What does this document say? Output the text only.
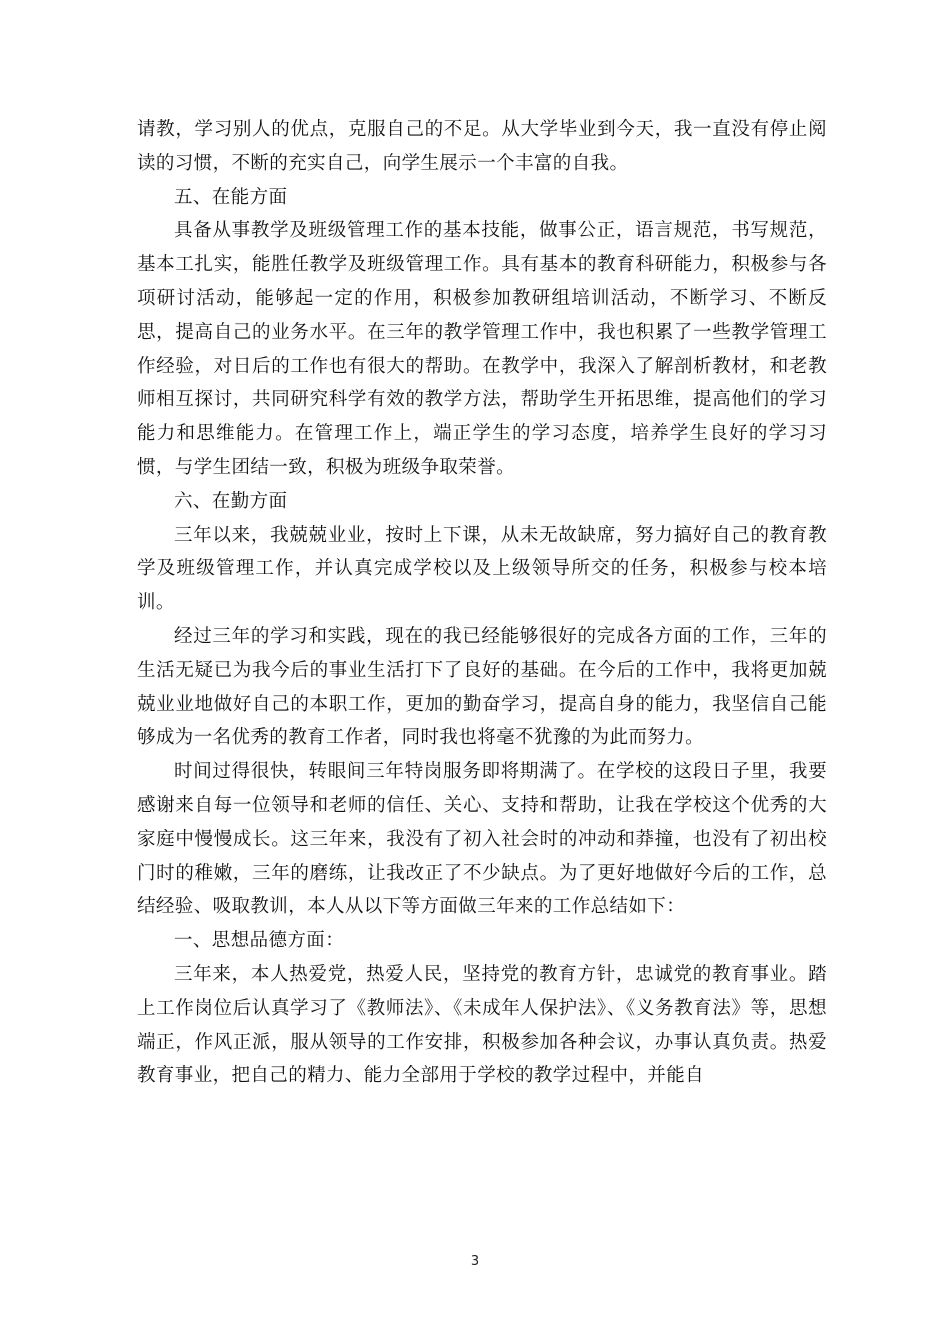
请教，学习别人的优点，克服自己的不足。从大学毕业到今天，我一直没有停止阅读的习惯，不断的充实自己，向学生展示一个丰富的自我。

五、在能方面

具备从事教学及班级管理工作的基本技能，做事公正，语言规范，书写规范，基本工扎实，能胜任教学及班级管理工作。具有基本的教育科研能力，积极参与各项研讨活动，能够起一定的作用，积极参加教研组培训活动，不断学习、不断反思，提高自己的业务水平。在三年的教学管理工作中，我也积累了一些教学管理工作经验，对日后的工作也有很大的帮助。在教学中，我深入了解剖析教材，和老教师相互探讨，共同研究科学有效的教学方法，帮助学生开拓思维，提高他们的学习能力和思维能力。在管理工作上，端正学生的学习态度，培养学生良好的学习习惯，与学生团结一致，积极为班级争取荣誉。

六、在勤方面

三年以来，我兢兢业业，按时上下课，从未无故缺席，努力搞好自己的教育教学及班级管理工作，并认真完成学校以及上级领导所交的任务，积极参与校本培训。

经过三年的学习和实践，现在的我已经能够很好的完成各方面的工作，三年的生活无疑已为我今后的事业生活打下了良好的基础。在今后的工作中，我将更加兢兢业业地做好自己的本职工作，更加的勤奋学习，提高自身的能力，我坚信自己能够成为一名优秀的教育工作者，同时我也将毫不犹豫的为此而努力。

时间过得很快，转眼间三年特岗服务即将期满了。在学校的这段日子里，我要感谢来自每一位领导和老师的信任、关心、支持和帮助，让我在学校这个优秀的大家庭中慢慢成长。这三年来，我没有了初入社会时的冲动和莽撞，也没有了初出校门时的稚嫩，三年的磨练，让我改正了不少缺点。为了更好地做好今后的工作，总结经验、吸取教训，本人从以下等方面做三年来的工作总结如下：

一、思想品德方面：

三年来，本人热爱党，热爱人民，坚持党的教育方针，忠诚党的教育事业。踏上工作岗位后认真学习了《教师法》、《未成年人保护法》、《义务教育法》等，思想端正，作风正派，服从领导的工作安排，积极参加各种会议，办事认真负责。热爱教育事业，把自己的精力、能力全部用于学校的教学过程中，并能自

3
